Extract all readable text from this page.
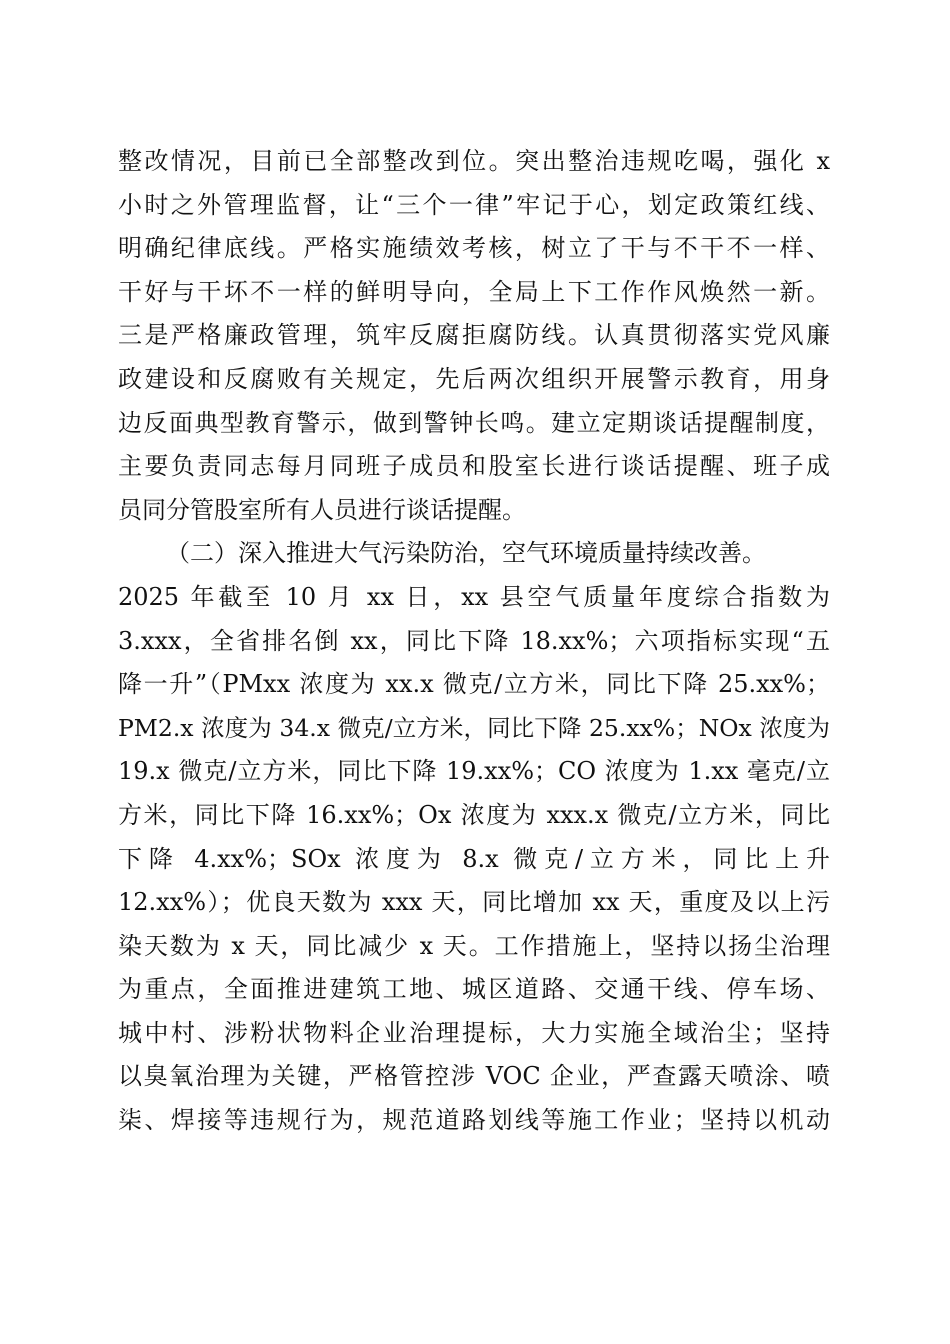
整改情况，目前已全部整改到位。突出整治违规吃喝，强化 x
小时之外管理监督，让“三个一律”牢记于心，划定政策红线、
明确纪律底线。严格实施绩效考核，树立了干与不干不一样、
干好与干坏不一样的鲜明导向，全局上下工作作风焕然一新。
三是严格廉政管理，筑牢反腐拒腐防线。认真贯彻落实党风廉
政建设和反腐败有关规定，先后两次组织开展警示教育，用身
边反面典型教育警示，做到警钟长鸣。建立定期谈话提醒制度，
主要负责同志每月同班子成员和股室长进行谈话提醒、班子成
员同分管股室所有人员进行谈话提醒。
（二）深入推进大气污染防治，空气环境质量持续改善。
2025 年截至 10 月 xx 日，xx 县空气质量年度综合指数为
3.xxx，全省排名倒 xx，同比下降 18.xx%；六项指标实现“五
降一升”（PMxx 浓度为 xx.x 微克/立方米，同比下降 25.xx%；
PM2.x 浓度为 34.x 微克/立方米，同比下降 25.xx%；NOx 浓度为
19.x 微克/立方米，同比下降 19.xx%；CO 浓度为 1.xx 毫克/立
方米，同比下降 16.xx%；Ox 浓度为 xxx.x 微克/立方米，同比
下降 4.xx%；SOx 浓度为 8.x 微克/立方米，同比上升
12.xx%）；优良天数为 xxx 天，同比增加 xx 天，重度及以上污
染天数为 x 天，同比减少 x 天。工作措施上，坚持以扬尘治理
为重点，全面推进建筑工地、城区道路、交通干线、停车场、
城中村、涉粉状物料企业治理提标，大力实施全域治尘；坚持
以臭氧治理为关键，严格管控涉 VOC 企业，严查露天喷涂、喷
柒、焊接等违规行为，规范道路划线等施工作业；坚持以机动
